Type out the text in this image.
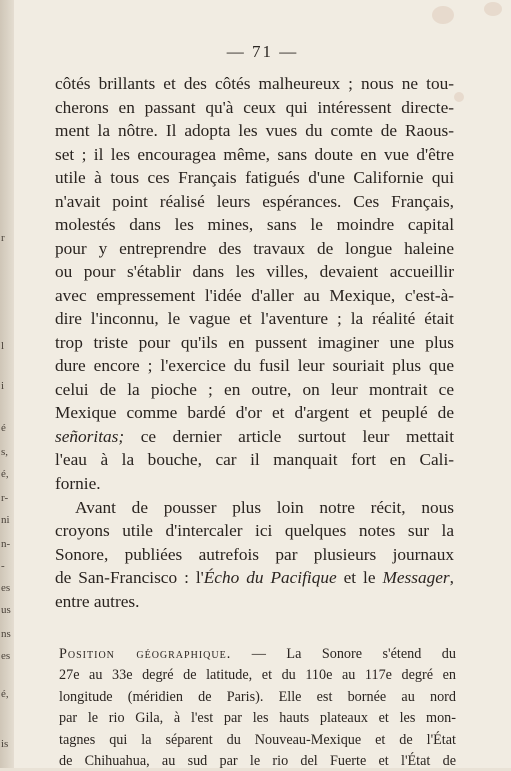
r
l
i
é
s,
é,
r-
ni
n-
-
es
us
ns
es
é,
is
— 71 —
côtés brillants et des côtés malheureux ; nous ne tou-
cherons en passant qu'à ceux qui intéressent directe-
ment la nôtre. Il adopta les vues du comte de Raous-
set ; il les encouragea même, sans doute en vue d'être
utile à tous ces Français fatigués d'une Californie qui
n'avait point réalisé leurs espérances. Ces Français,
molestés dans les mines, sans le moindre capital
pour y entreprendre des travaux de longue haleine
ou pour s'établir dans les villes, devaient accueillir
avec empressement l'idée d'aller au Mexique, c'est-à-
dire l'inconnu, le vague et l'aventure ; la réalité était
trop triste pour qu'ils en pussent imaginer une plus
dure encore ; l'exercice du fusil leur souriait plus que
celui de la pioche ; en outre, on leur montrait ce
Mexique comme bardé d'or et d'argent et peuplé de
señoritas; ce dernier article surtout leur mettait
l'eau à la bouche, car il manquait fort en Cali-
fornie.
Avant de pousser plus loin notre récit, nous
croyons utile d'intercaler ici quelques notes sur la
Sonore, publiées autrefois par plusieurs journaux
de San-Francisco : l'Écho du Pacifique et le Messager,
entre autres.
Position géographique. — La Sonore s'étend du
27e au 33e degré de latitude, et du 110e au 117e degré en
longitude (méridien de Paris). Elle est bornée au nord
par le rio Gila, à l'est par les hauts plateaux et les mon-
tagnes qui la séparent du Nouveau-Mexique et de l'État
de Chihuahua, au sud par le rio del Fuerte et l'État de
